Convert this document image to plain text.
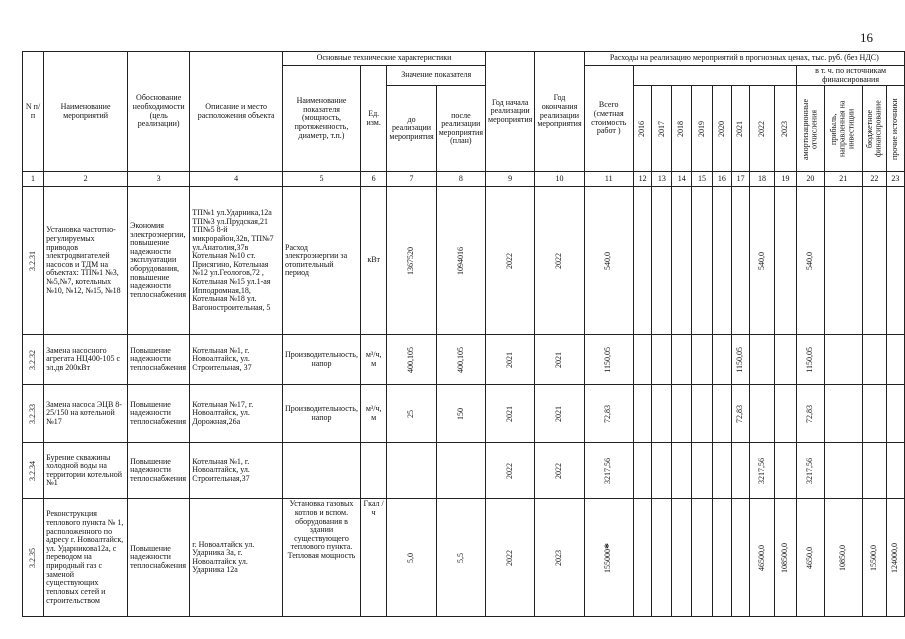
16
N п/п	Наименование мероприятий	Обоснование необходимости (цель реализации)	Описание и место расположения объекта	Основные технические характеристики				Год начала реализации мероприятия	Год окончания реализации мероприятия	Расходы на реализацию мероприятий в прогнозных ценах, тыс. руб. (без НДС)												
				Наименование показателя (мощность, протяженность, диаметр, т.п.)	Ед. изм.	Значение показателя				Всего (сметная стоимость работ )									в т. ч. по источникам финансирования			
						до реализации мероприятия	после реализации мероприятия (план)				2016	2017	2018	2019	2020	2021	2022	2023	амортизационные отчисления	прибыль, направленная на инвестиции	бюджетное финансирование	прочие источники

1	2	3	4	5	6	7	8	9	10	11	12	13	14	15	16	17	18	19	20	21	22	23

3.2.31	Установка частотно-регулируемых приводов электродвигателей насосов и ТДМ на объектах: ТП№1 №3, №5,№7, котельных №10, №12, №15, №18	Экономия электроэнергии, повышение надежности эксплуатации оборудования, повышение надежности теплоснабжения	ТП№1 ул.Ударника,12а ТП№3 ул.Прудская,21 ТП№5 8-й микрорайон,32в, ТП№7 ул.Анатолия,37в Котельная №10 ст. Присягино, Котельная №12 ул.Геологов,72 , Котельная №15 ул.1-ая Ипподромная,18, Котельная №18 ул. Вагоностроительная, 5	Расход электроэнергии за отопительный период	кВт	1367520	1094016	2022	2022	540,0							540,0		540,0			

3.2.32	Замена насосного агрегата НЦ400-105 с эл.дв 200кВт	Повышение надежности теплоснабжения	Котельная №1, г. Новоалтайск, ул. Строительная, 37	Производительность, напор	м³/ч, м	400,105	400,105	2021	2021	1150,05						1150,05			1150,05			

3.2.33	Замена насоса ЭЦВ 8-25/150 на котельной №17	Повышение надежности теплоснабжения	Котельная №17, г. Новоалтайск, ул. Дорожная,26а	Производительность, напор	м³/ч, м	25	150	2021	2021	72,83						72,83			72,83			

3.2.34	Бурение скважины холодной воды на территории котельной №1	Повышение надежности теплоснабжения	Котельная №1, г. Новоалтайск, ул. Строительная,37					2022	2022	3217,56							3217,56		3217,56			

3.2.35	Реконструкция теплового пункта № 1, расположенного по адресу г. Новоалтайск, ул. Ударникова12а, с переводом на природный газ с заменой существующих тепловых сетей и строительством	Повышение надежности теплоснабжения	г. Новоалтайск ул. Ударника 3а, г. Новоалтайск ул. Ударника 12а	Установка газовых котлов и вспом. оборудования в здании существующего теплового пункта. Тепловая мощность	Гкал /ч	5,0	5,5	2022	2023	155000*							46500,0	108500,0	4650,0	10850,0	15500,0	124000,0
